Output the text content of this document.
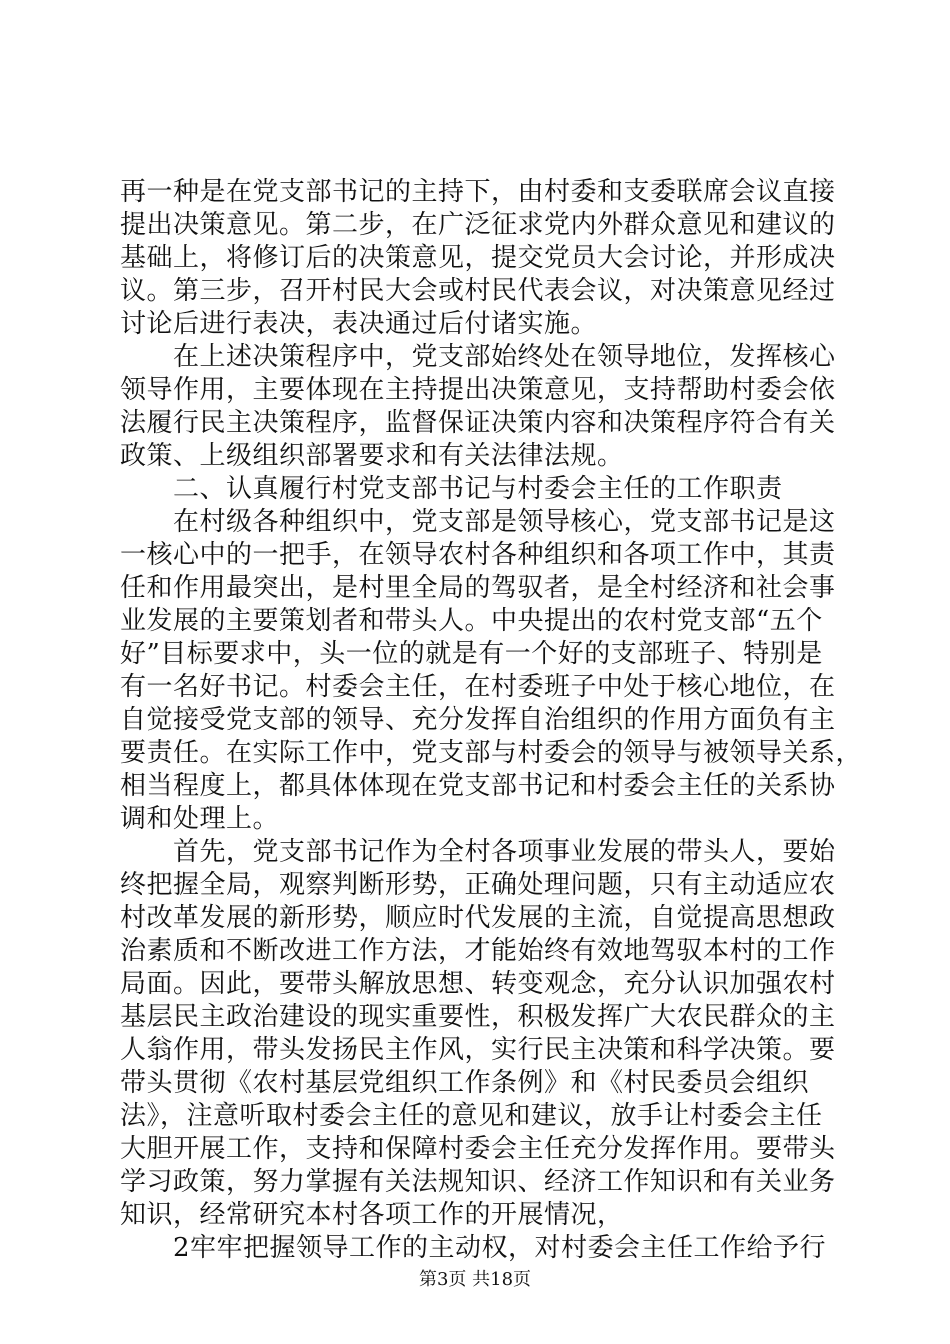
再一种是在党支部书记的主持下，由村委和支委联席会议直接
提出决策意见。第二步，在广泛征求党内外群众意见和建议的
基础上，将修订后的决策意见，提交党员大会讨论，并形成决
议。第三步，召开村民大会或村民代表会议，对决策意见经过
讨论后进行表决，表决通过后付诸实施。
　　在上述决策程序中，党支部始终处在领导地位，发挥核心
领导作用，主要体现在主持提出决策意见，支持帮助村委会依
法履行民主决策程序，监督保证决策内容和决策程序符合有关
政策、上级组织部署要求和有关法律法规。
　　二、认真履行村党支部书记与村委会主任的工作职责
　　在村级各种组织中，党支部是领导核心，党支部书记是这
一核心中的一把手，在领导农村各种组织和各项工作中，其责
任和作用最突出，是村里全局的驾驭者，是全村经济和社会事
业发展的主要策划者和带头人。中央提出的农村党支部“五个
好”目标要求中，头一位的就是有一个好的支部班子、特别是
有一名好书记。村委会主任，在村委班子中处于核心地位，在
自觉接受党支部的领导、充分发挥自治组织的作用方面负有主
要责任。在实际工作中，党支部与村委会的领导与被领导关系，
相当程度上，都具体体现在党支部书记和村委会主任的关系协
调和处理上。
　　首先，党支部书记作为全村各项事业发展的带头人，要始
终把握全局，观察判断形势，正确处理问题，只有主动适应农
村改革发展的新形势，顺应时代发展的主流，自觉提高思想政
治素质和不断改进工作方法，才能始终有效地驾驭本村的工作
局面。因此，要带头解放思想、转变观念，充分认识加强农村
基层民主政治建设的现实重要性，积极发挥广大农民群众的主
人翁作用，带头发扬民主作风，实行民主决策和科学决策。要
带头贯彻《农村基层党组织工作条例》和《村民委员会组织
法》，注意听取村委会主任的意见和建议，放手让村委会主任
大胆开展工作，支持和保障村委会主任充分发挥作用。要带头
学习政策，努力掌握有关法规知识、经济工作知识和有关业务
知识，经常研究本村各项工作的开展情况，
　　2牢牢把握领导工作的主动权，对村委会主任工作给予行
第3页 共18页
